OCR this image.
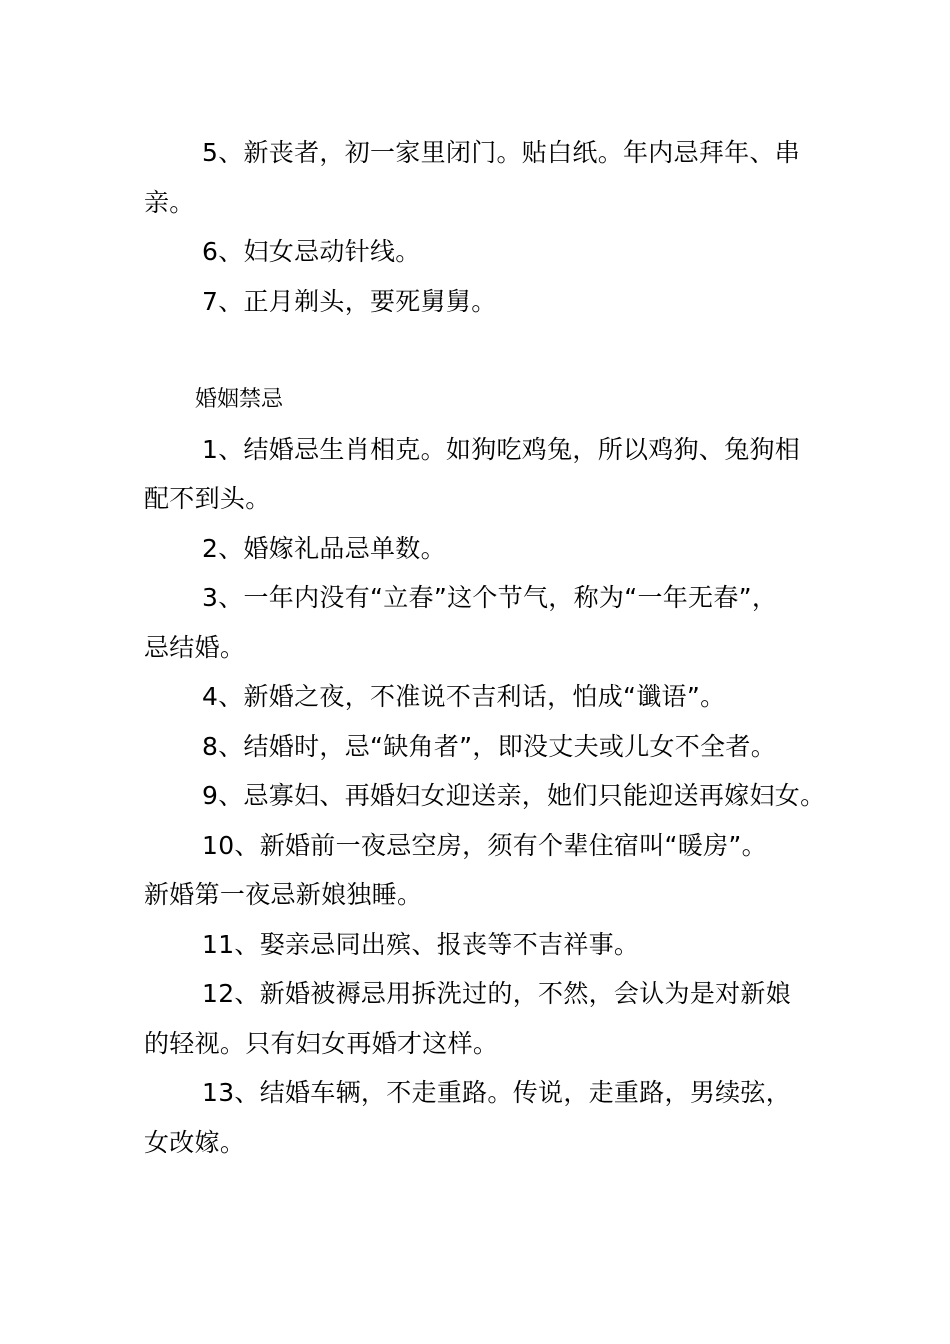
5、新丧者，初一家里闭门。贴白纸。年内忌拜年、串
亲。
6、妇女忌动针线。
7、正月剃头，要死舅舅。
婚姻禁忌
1、结婚忌生肖相克。如狗吃鸡兔，所以鸡狗、兔狗相
配不到头。
2、婚嫁礼品忌单数。
3、一年内没有“立春”这个节气，称为“一年无春”，
忌结婚。
4、新婚之夜，不准说不吉利话，怕成“谶语”。
8、结婚时，忌“缺角者”，即没丈夫或儿女不全者。
9、忌寡妇、再婚妇女迎送亲，她们只能迎送再嫁妇女。
10、新婚前一夜忌空房，须有个辈住宿叫“暖房”。
新婚第一夜忌新娘独睡。
11、娶亲忌同出殡、报丧等不吉祥事。
12、新婚被褥忌用拆洗过的，不然，会认为是对新娘
的轻视。只有妇女再婚才这样。
13、结婚车辆，不走重路。传说，走重路，男续弦，
女改嫁。
